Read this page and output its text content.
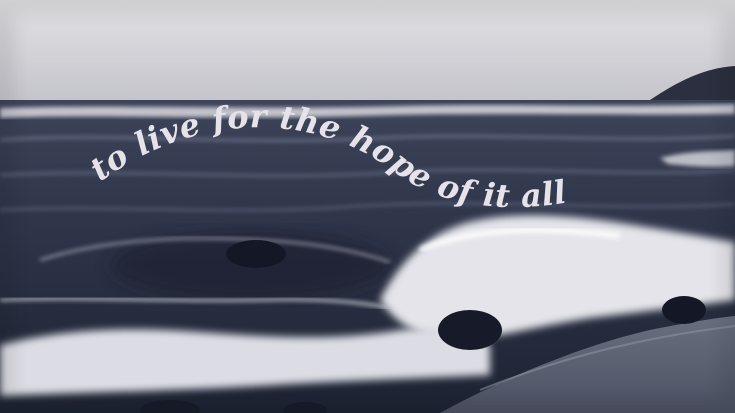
to live for the hope of it all
